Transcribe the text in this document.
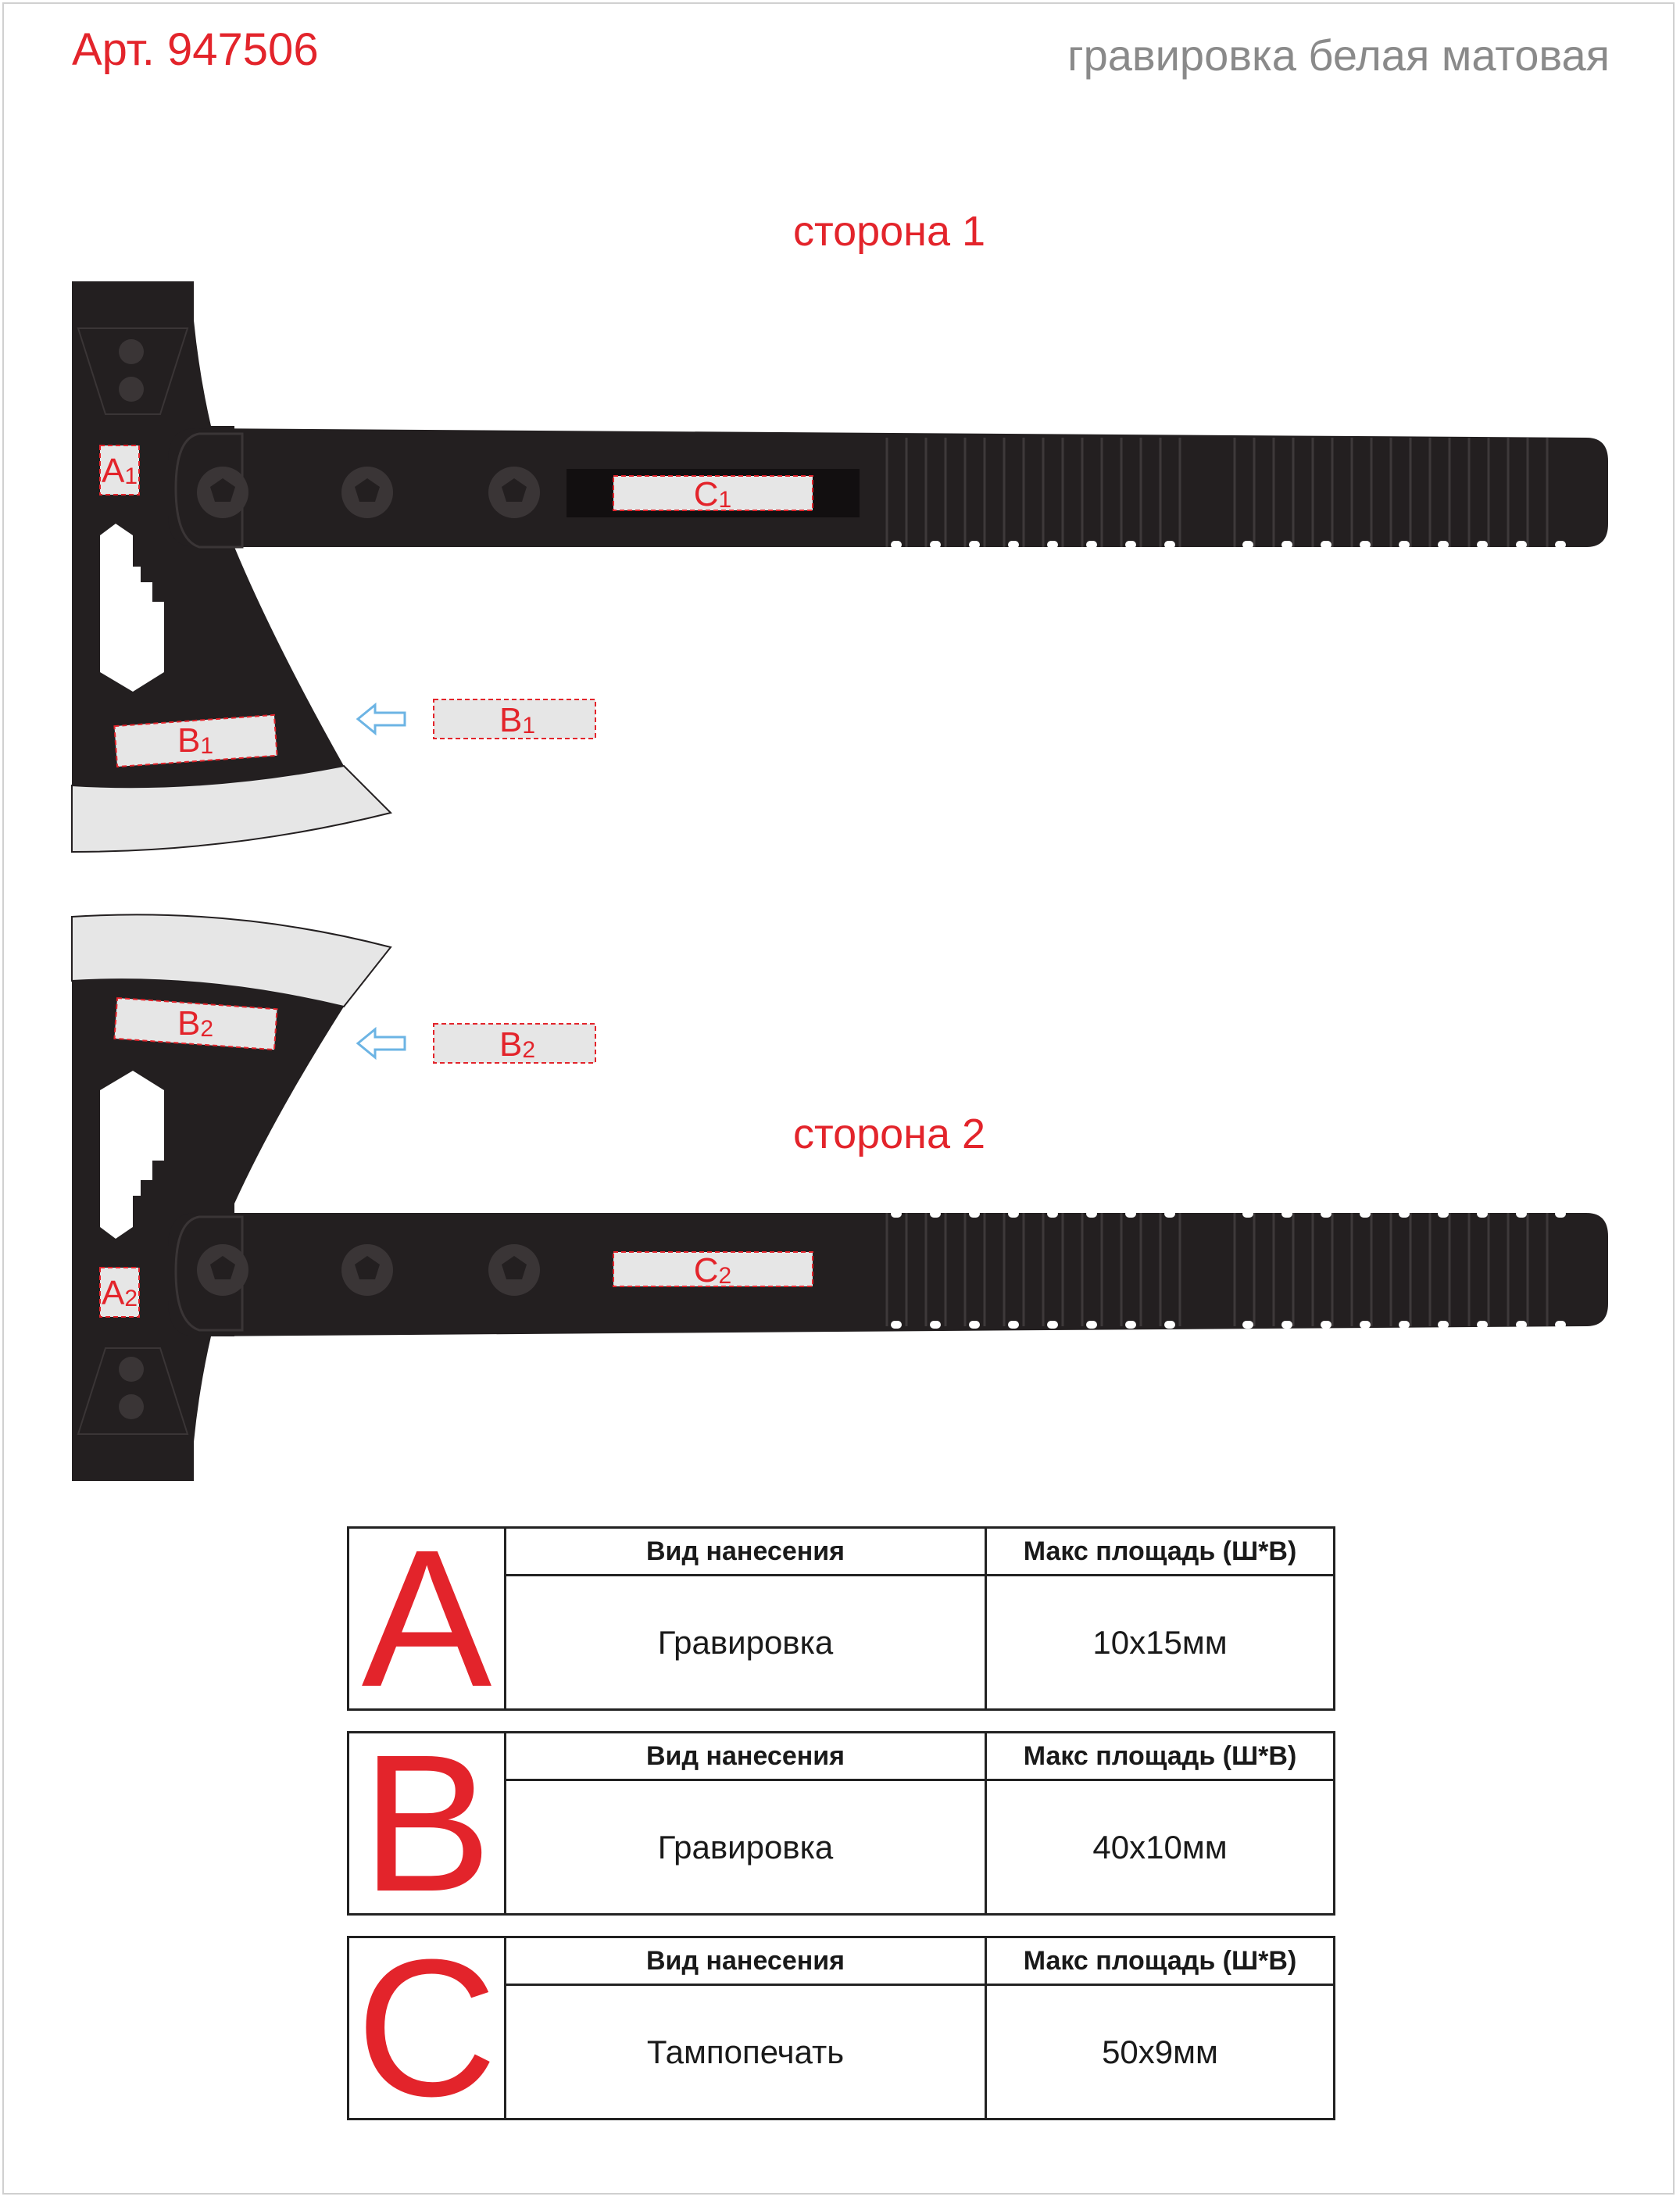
Арт. 947506	гравировка белая матовая
сторона 1
сторона 2
$A_1$
$B_1$
$C_1$
$B_1$
$A_2$
$B_2$
$C_2$
$B_2$
A	Вид нанесения	Макс площадь (Ш*В)
Гравировка	10x15мм
B	Вид нанесения	Макс площадь (Ш*В)
Гравировка	40x10мм
C	Вид нанесения	Макс площадь (Ш*В)
Тампопечать	50x9мм
